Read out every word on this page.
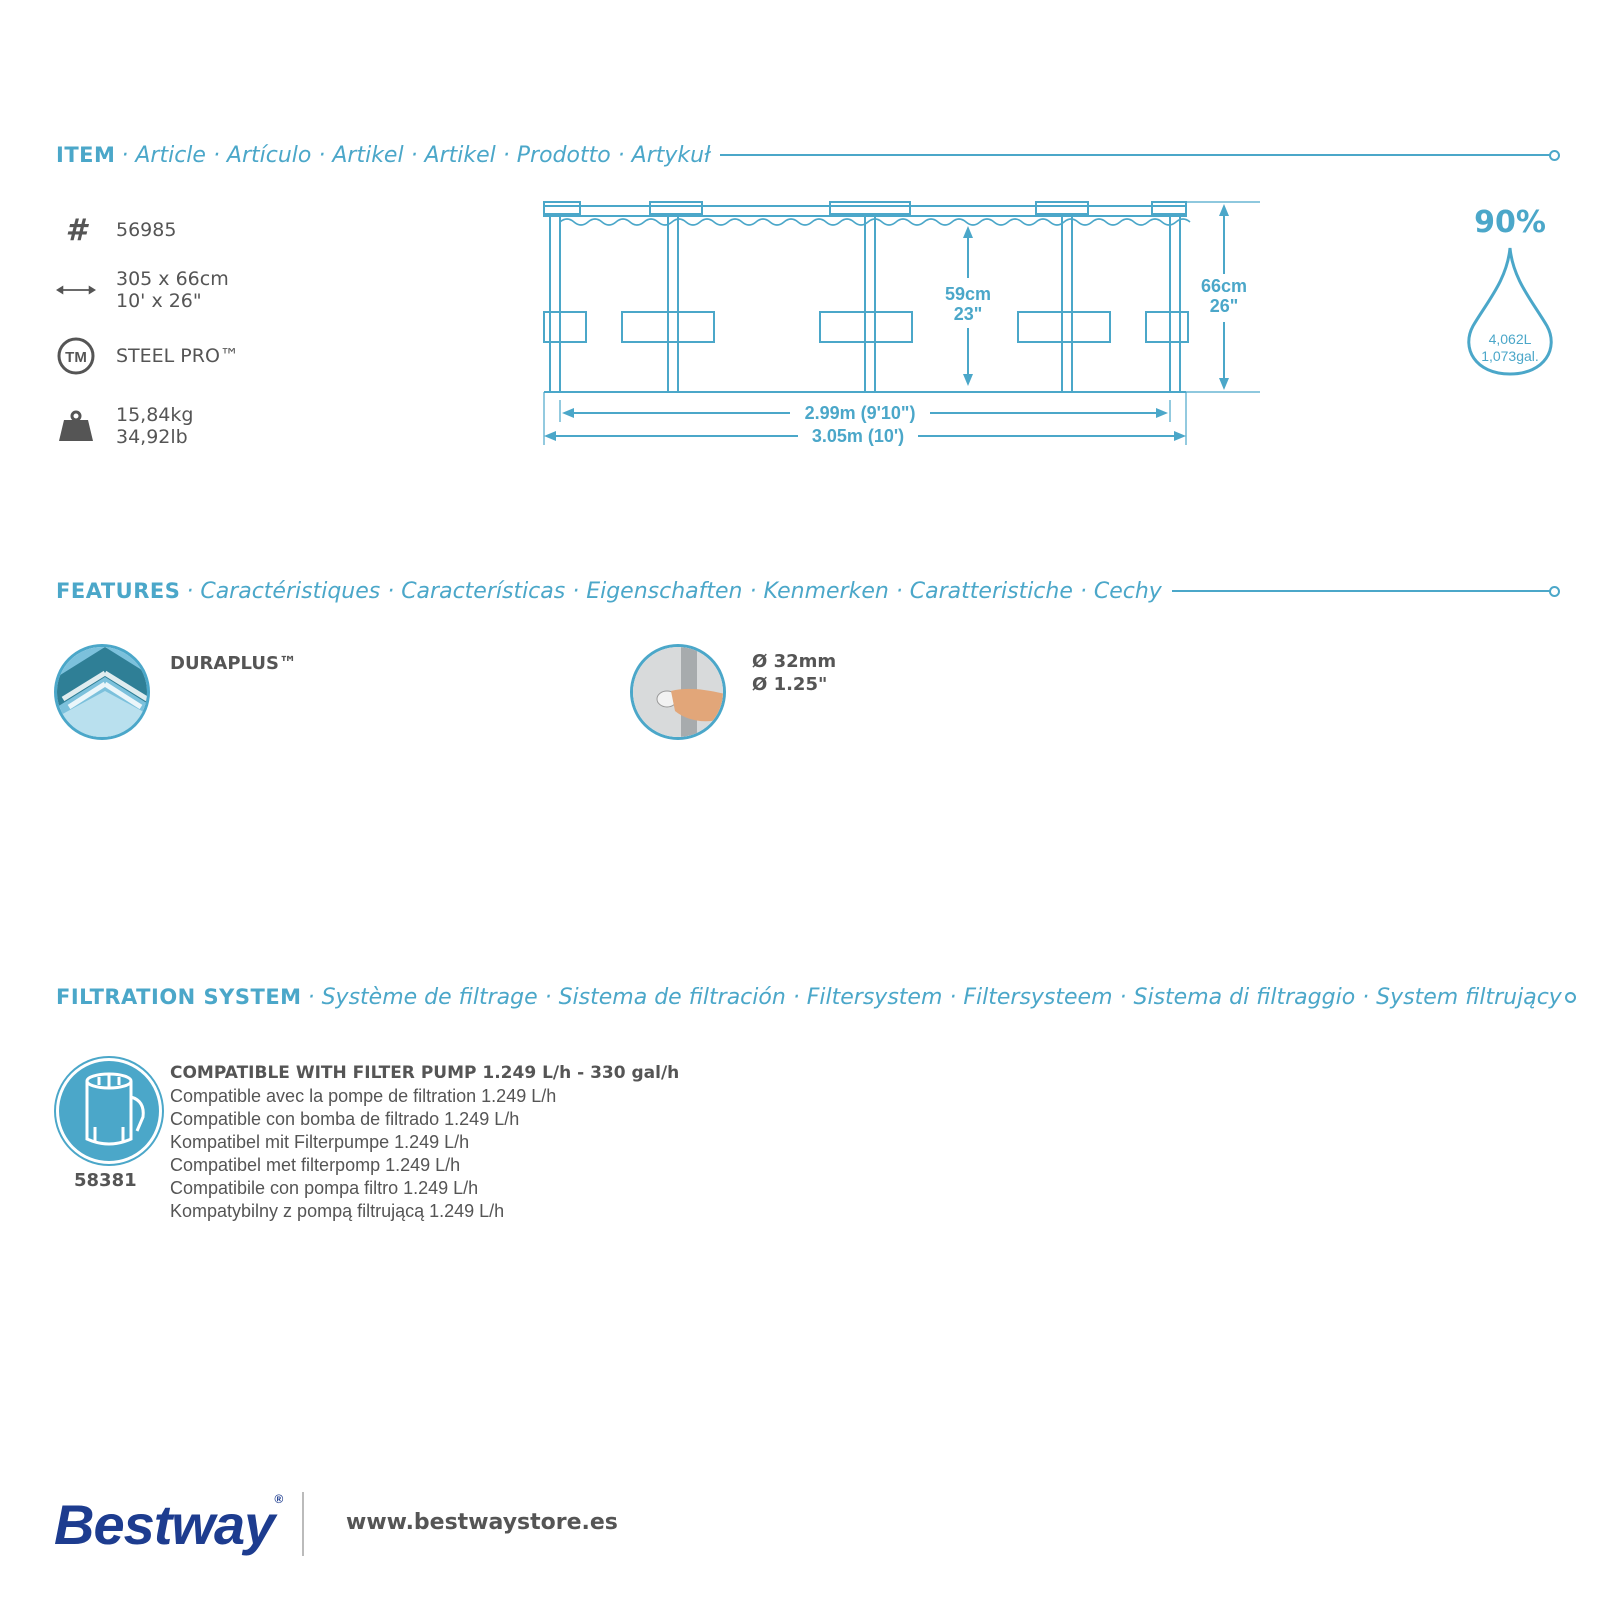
ITEM · Article · Artículo · Artikel · Artikel · Prodotto · Artykuł
# 56985
305 x 66cm
10' x 26"
TM STEEL PRO™
15,84kg
34,92lb
59cm
23"
66cm
26"
2.99m (9'10")
3.05m (10')
90%
4,062L
1,073gal.
FEATURES · Caractéristiques · Características · Eigenschaften · Kenmerken · Caratteristiche · Cechy
DURAPLUS™	Ø 32mm
Ø 1.25"
FILTRATION SYSTEM · Système de filtrage · Sistema de filtración · Filtersystem · Filtersysteem · Sistema di filtraggio · System filtrujący
58381
COMPATIBLE WITH FILTER PUMP 1.249 L/h - 330 gal/h
Compatible avec la pompe de filtration 1.249 L/h
Compatible con bomba de filtrado 1.249 L/h
Kompatibel mit Filterpumpe 1.249 L/h
Compatibel met filterpomp 1.249 L/h
Compatibile con pompa filtro 1.249 L/h
Kompatybilny z pompą filtrującą 1.249 L/h
Bestway®
www.bestwaystore.es
